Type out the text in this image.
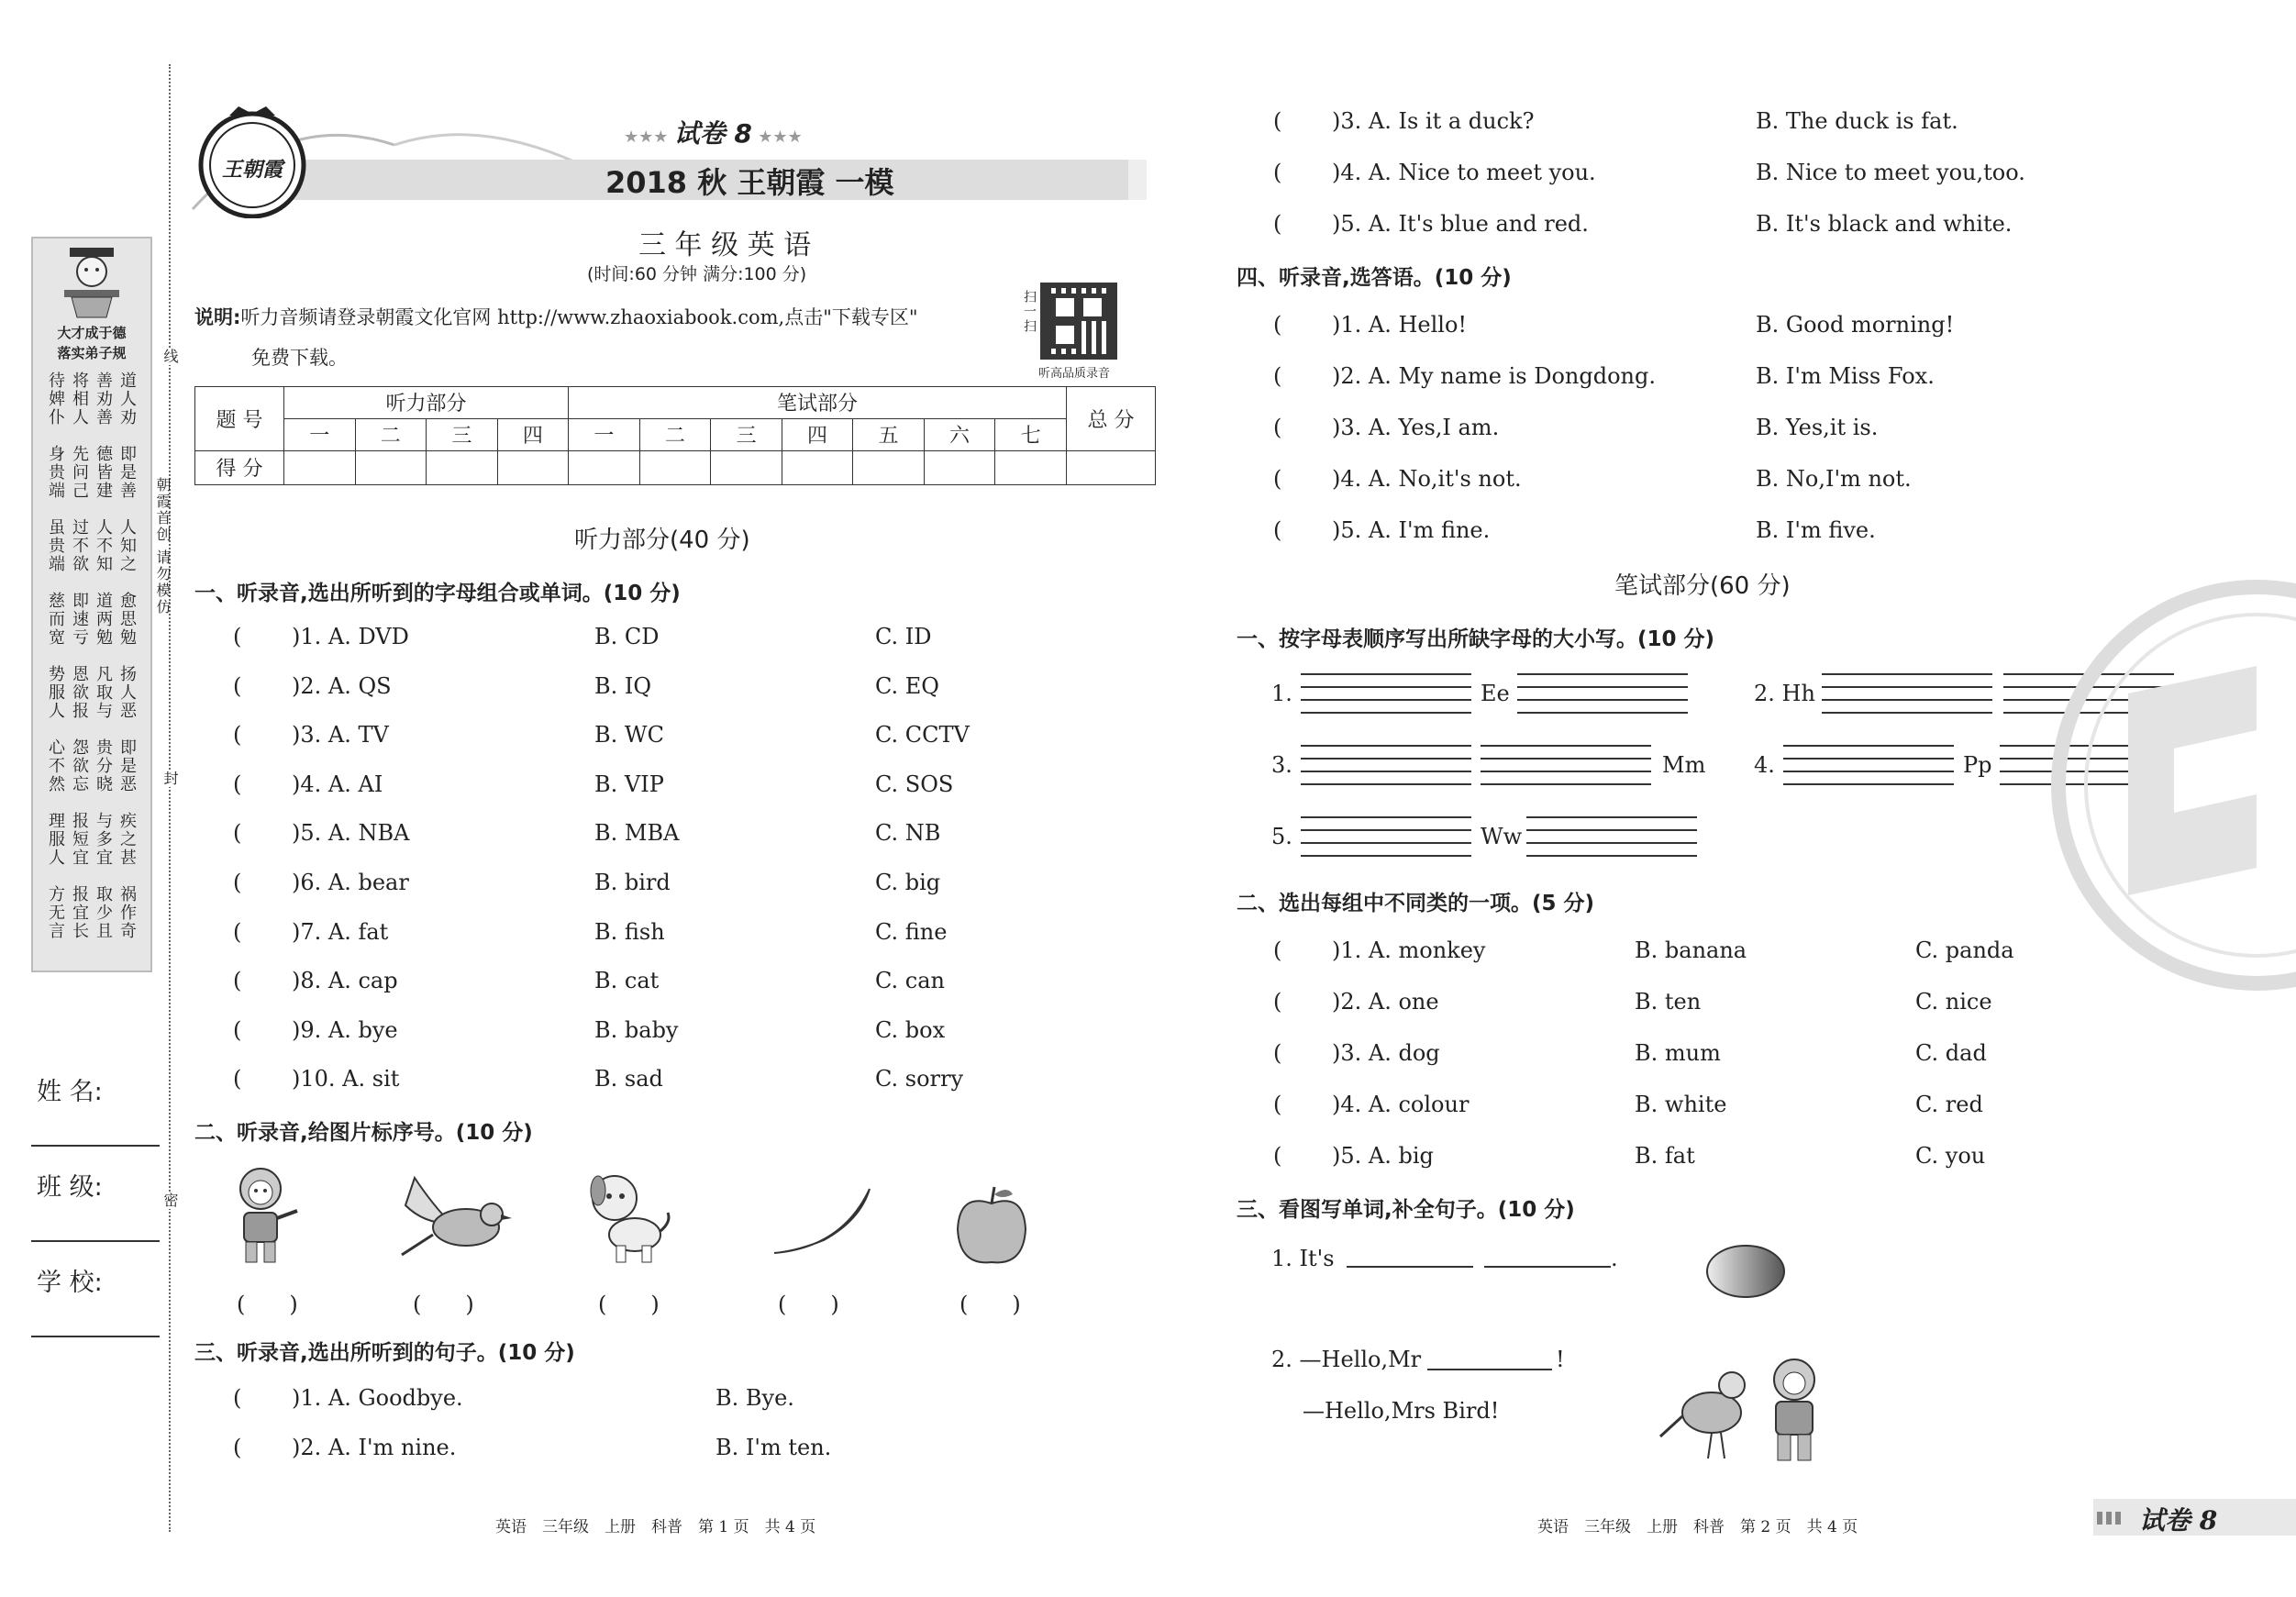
大才成于德
落实弟子规
待婢仆
将相人
善劝善
道人劝
身贵端
先问己
德皆建
即是善
虽贵端
过不欲
人不知
人知之
慈而宽
即速亏
道两勉
愈思勉
势服人
恩欲报
凡取与
扬人恶
心不然
怨欲忘
贵分晓
即是恶
理服人
报短宜
与多宜
疾之甚
方无言
报宜长
取少且
祸作奇
姓 名:
班 级:
学 校:
线
封
密
朝霞首创 请勿模仿
王朝霞
★★★ 试卷 8 ★★★
2018 秋 王朝霞 一模
三 年 级 英 语
(时间:60 分钟 满分:100 分)
说明:听力音频请登录朝霞文化官网 http://www.zhaoxiabook.com,点击"下载专区"
免费下载。
扫一扫
听高品质录音
题 号	听力部分				笔试部分							总 分
	一	二	三	四	一	二	三	四	五	六	七	
得 分												
听力部分(40 分)
一、听录音,选出所听到的字母组合或单词。(10 分)
二、听录音,给图片标序号。(10 分)
三、听录音,选出所听到的句子。(10 分)
英语　三年级　上册　科普　第 1 页　共 4 页
四、听录音,选答语。(10 分)
笔试部分(60 分)
一、按字母表顺序写出所缺字母的大小写。(10 分)
1.	Ee	2. Hh
3.	Mm 4.	Pp
5.	Ww
二、选出每组中不同类的一项。(5 分)
三、看图写单词,补全句子。(10 分)
1. It's	.
2. —Hello,Mr	!
—Hello,Mrs Bird!
英语　三年级　上册　科普　第 2 页　共 4 页	试卷 8
( )1. A. DVD	B. CD	C. ID
( )2. A. QS	B. IQ	C. EQ
( )3. A. TV	B. WC	C. CCTV
( )4. A. AI	B. VIP	C. SOS
( )5. A. NBA	B. MBA	C. NB
( )6. A. bear	B. bird	C. big
( )7. A. fat	B. fish	C. fine
( )8. A. cap	B. cat	C. can
( )9. A. bye	B. baby	C. box
( )10. A. sit	B. sad	C. sorry
(　　)	(　　)	(　　)	(　　)	(　　)
( )1. A. Goodbye.	B. Bye.
( )2. A. I'm nine.	B. I'm ten.
( )3. A. Is it a duck?	B. The duck is fat.
( )4. A. Nice to meet you.	B. Nice to meet you,too.
( )5. A. It's blue and red.	B. It's black and white.
( )1. A. Hello!	B. Good morning!
( )2. A. My name is Dongdong.	B. I'm Miss Fox.
( )3. A. Yes,I am.	B. Yes,it is.
( )4. A. No,it's not.	B. No,I'm not.
( )5. A. I'm fine.	B. I'm five.
( )1. A. monkey	B. banana	C. panda
( )2. A. one	B. ten	C. nice
( )3. A. dog	B. mum	C. dad
( )4. A. colour	B. white	C. red
( )5. A. big	B. fat	C. you
